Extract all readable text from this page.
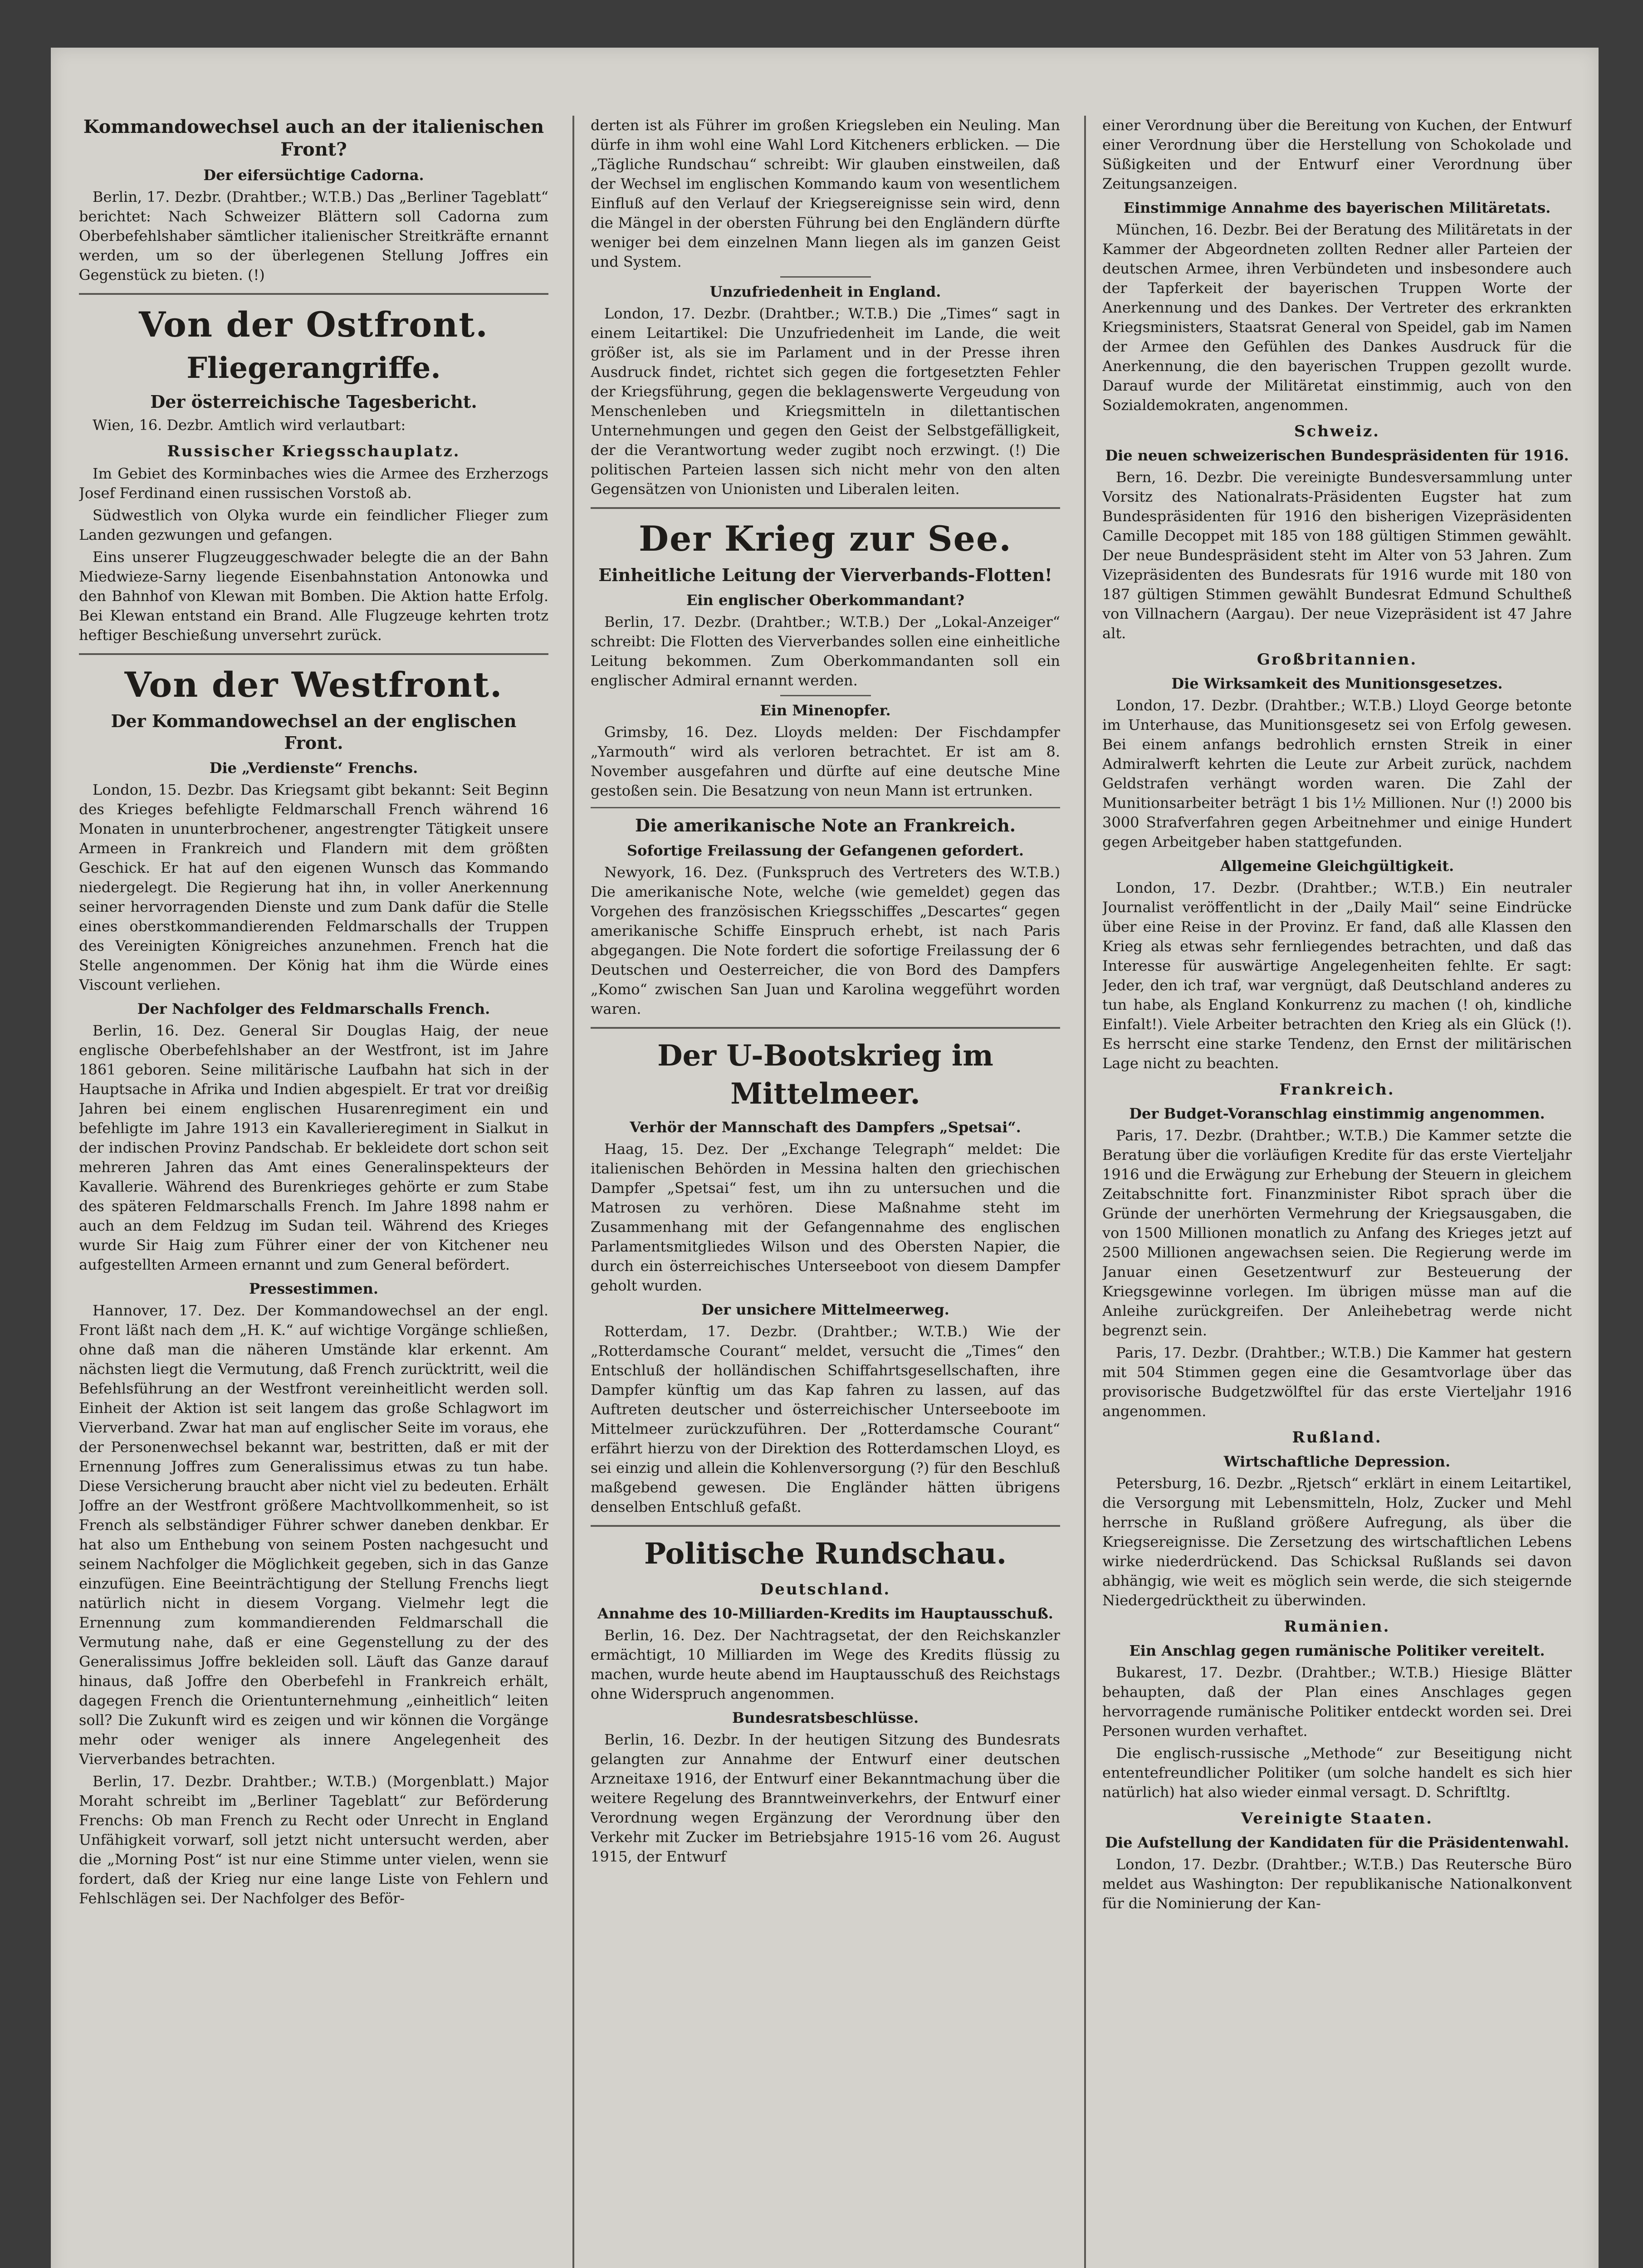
Kommandowechsel auch an der italienischen Front?
Der eifersüchtige Cadorna.

Berlin, 17. Dezbr. (Drahtber.; W.T.B.) Das „Berliner Tageblatt“ berichtet: Nach Schweizer Blättern soll Cadorna zum Oberbefehlshaber sämtlicher italienischer Streitkräfte ernannt werden, um so der überlegenen Stellung Joffres ein Gegenstück zu bieten. (!)

Von der Ostfront.
Fliegerangriffe.
Der österreichische Tagesbericht.

Wien, 16. Dezbr. Amtlich wird verlautbart:

Russischer Kriegsschauplatz.

Im Gebiet des Korminbaches wies die Armee des Erzherzogs Josef Ferdinand einen russischen Vorstoß ab.

Südwestlich von Olyka wurde ein feindlicher Flieger zum Landen gezwungen und gefangen.

Eins unserer Flugzeuggeschwader belegte die an der Bahn Miedwieze-Sarny liegende Eisenbahnstation Antonowka und den Bahnhof von Klewan mit Bomben. Die Aktion hatte Erfolg. Bei Klewan entstand ein Brand. Alle Flugzeuge kehrten trotz heftiger Beschießung unversehrt zurück.

Von der Westfront.
Der Kommandowechsel an der englischen Front.
Die „Verdienste“ Frenchs.

London, 15. Dezbr. Das Kriegsamt gibt bekannt: Seit Beginn des Krieges befehligte Feldmarschall French während 16 Monaten in ununterbrochener, angestrengter Tätigkeit unsere Armeen in Frankreich und Flandern mit dem größten Geschick. Er hat auf den eigenen Wunsch das Kommando niedergelegt. Die Regierung hat ihn, in voller Anerkennung seiner hervorragenden Dienste und zum Dank dafür die Stelle eines oberstkommandierenden Feldmarschalls der Truppen des Vereinigten Königreiches anzunehmen. French hat die Stelle angenommen. Der König hat ihm die Würde eines Viscount verliehen.

Der Nachfolger des Feldmarschalls French.

Berlin, 16. Dez. General Sir Douglas Haig, der neue englische Oberbefehlshaber an der Westfront, ist im Jahre 1861 geboren. Seine militärische Laufbahn hat sich in der Hauptsache in Afrika und Indien abgespielt. Er trat vor dreißig Jahren bei einem englischen Husarenregiment ein und befehligte im Jahre 1913 ein Kavallerieregiment in Sialkut in der indischen Provinz Pandschab. Er bekleidete dort schon seit mehreren Jahren das Amt eines Generalinspekteurs der Kavallerie. Während des Burenkrieges gehörte er zum Stabe des späteren Feldmarschalls French. Im Jahre 1898 nahm er auch an dem Feldzug im Sudan teil. Während des Krieges wurde Sir Haig zum Führer einer der von Kitchener neu aufgestellten Armeen ernannt und zum General befördert.

Pressestimmen.

Hannover, 17. Dez. Der Kommandowechsel an der engl. Front läßt nach dem „H. K.“ auf wichtige Vorgänge schließen, ohne daß man die näheren Umstände klar erkennt. Am nächsten liegt die Vermutung, daß French zurücktritt, weil die Befehlsführung an der Westfront vereinheitlicht werden soll. Einheit der Aktion ist seit langem das große Schlagwort im Vierverband. Zwar hat man auf englischer Seite im voraus, ehe der Personenwechsel bekannt war, bestritten, daß er mit der Ernennung Joffres zum Generalissimus etwas zu tun habe. Diese Versicherung braucht aber nicht viel zu bedeuten. Erhält Joffre an der Westfront größere Machtvollkommenheit, so ist French als selbständiger Führer schwer daneben denkbar. Er hat also um Enthebung von seinem Posten nachgesucht und seinem Nachfolger die Möglichkeit gegeben, sich in das Ganze einzufügen. Eine Beeinträchtigung der Stellung Frenchs liegt natürlich nicht in diesem Vorgang. Vielmehr legt die Ernennung zum kommandierenden Feldmarschall die Vermutung nahe, daß er eine Gegenstellung zu der des Generalissimus Joffre bekleiden soll. Läuft das Ganze darauf hinaus, daß Joffre den Oberbefehl in Frankreich erhält, dagegen French die Orientunternehmung „einheitlich“ leiten soll? Die Zukunft wird es zeigen und wir können die Vorgänge mehr oder weniger als innere Angelegenheit des Vierverbandes betrachten.

Berlin, 17. Dezbr. Drahtber.; W.T.B.) (Morgenblatt.) Major Moraht schreibt im „Berliner Tageblatt“ zur Beförderung Frenchs: Ob man French zu Recht oder Unrecht in England Unfähigkeit vorwarf, soll jetzt nicht untersucht werden, aber die „Morning Post“ ist nur eine Stimme unter vielen, wenn sie fordert, daß der Krieg nur eine lange Liste von Fehlern und Fehlschlägen sei. Der Nachfolger des Beför-

derten ist als Führer im großen Kriegsleben ein Neuling. Man dürfe in ihm wohl eine Wahl Lord Kitcheners erblicken. — Die „Tägliche Rundschau“ schreibt: Wir glauben einstweilen, daß der Wechsel im englischen Kommando kaum von wesentlichem Einfluß auf den Verlauf der Kriegsereignisse sein wird, denn die Mängel in der obersten Führung bei den Engländern dürfte weniger bei dem einzelnen Mann liegen als im ganzen Geist und System.

Unzufriedenheit in England.

London, 17. Dezbr. (Drahtber.; W.T.B.) Die „Times“ sagt in einem Leitartikel: Die Unzufriedenheit im Lande, die weit größer ist, als sie im Parlament und in der Presse ihren Ausdruck findet, richtet sich gegen die fortgesetzten Fehler der Kriegsführung, gegen die beklagenswerte Vergeudung von Menschenleben und Kriegsmitteln in dilettantischen Unternehmungen und gegen den Geist der Selbstgefälligkeit, der die Verantwortung weder zugibt noch erzwingt. (!) Die politischen Parteien lassen sich nicht mehr von den alten Gegensätzen von Unionisten und Liberalen leiten.

Der Krieg zur See.
Einheitliche Leitung der Vierverbands-Flotten!
Ein englischer Oberkommandant?

Berlin, 17. Dezbr. (Drahtber.; W.T.B.) Der „Lokal-Anzeiger“ schreibt: Die Flotten des Vierverbandes sollen eine einheitliche Leitung bekommen. Zum Oberkommandanten soll ein englischer Admiral ernannt werden.

Ein Minenopfer.

Grimsby, 16. Dez. Lloyds melden: Der Fischdampfer „Yarmouth“ wird als verloren betrachtet. Er ist am 8. November ausgefahren und dürfte auf eine deutsche Mine gestoßen sein. Die Besatzung von neun Mann ist ertrunken.

Die amerikanische Note an Frankreich.
Sofortige Freilassung der Gefangenen gefordert.

Newyork, 16. Dez. (Funkspruch des Vertreters des W.T.B.) Die amerikanische Note, welche (wie gemeldet) gegen das Vorgehen des französischen Kriegsschiffes „Descartes“ gegen amerikanische Schiffe Einspruch erhebt, ist nach Paris abgegangen. Die Note fordert die sofortige Freilassung der 6 Deutschen und Oesterreicher, die von Bord des Dampfers „Komo“ zwischen San Juan und Karolina weggeführt worden waren.

Der U-Bootskrieg im Mittelmeer.
Verhör der Mannschaft des Dampfers „Spetsai“.

Haag, 15. Dez. Der „Exchange Telegraph“ meldet: Die italienischen Behörden in Messina halten den griechischen Dampfer „Spetsai“ fest, um ihn zu untersuchen und die Matrosen zu verhören. Diese Maßnahme steht im Zusammenhang mit der Gefangennahme des englischen Parlamentsmitgliedes Wilson und des Obersten Napier, die durch ein österreichisches Unterseeboot von diesem Dampfer geholt wurden.

Der unsichere Mittelmeerweg.

Rotterdam, 17. Dezbr. (Drahtber.; W.T.B.) Wie der „Rotterdamsche Courant“ meldet, versucht die „Times“ den Entschluß der holländischen Schiffahrtsgesellschaften, ihre Dampfer künftig um das Kap fahren zu lassen, auf das Auftreten deutscher und österreichischer Unterseeboote im Mittelmeer zurückzuführen. Der „Rotterdamsche Courant“ erfährt hierzu von der Direktion des Rotterdamschen Lloyd, es sei einzig und allein die Kohlenversorgung (?) für den Beschluß maßgebend gewesen. Die Engländer hätten übrigens denselben Entschluß gefaßt.

Politische Rundschau.
Deutschland.
Annahme des 10-Milliarden-Kredits im Hauptausschuß.

Berlin, 16. Dez. Der Nachtragsetat, der den Reichskanzler ermächtigt, 10 Milliarden im Wege des Kredits flüssig zu machen, wurde heute abend im Hauptausschuß des Reichstags ohne Widerspruch angenommen.

Bundesratsbeschlüsse.

Berlin, 16. Dezbr. In der heutigen Sitzung des Bundesrats gelangten zur Annahme der Entwurf einer deutschen Arzneitaxe 1916, der Entwurf einer Bekanntmachung über die weitere Regelung des Branntweinverkehrs, der Entwurf einer Verordnung wegen Ergänzung der Verordnung über den Verkehr mit Zucker im Betriebsjahre 1915-16 vom 26. August 1915, der Entwurf

einer Verordnung über die Bereitung von Kuchen, der Entwurf einer Verordnung über die Herstellung von Schokolade und Süßigkeiten und der Entwurf einer Verordnung über Zeitungsanzeigen.

Einstimmige Annahme des bayerischen Militäretats.

München, 16. Dezbr. Bei der Beratung des Militäretats in der Kammer der Abgeordneten zollten Redner aller Parteien der deutschen Armee, ihren Verbündeten und insbesondere auch der Tapferkeit der bayerischen Truppen Worte der Anerkennung und des Dankes. Der Vertreter des erkrankten Kriegsministers, Staatsrat General von Speidel, gab im Namen der Armee den Gefühlen des Dankes Ausdruck für die Anerkennung, die den bayerischen Truppen gezollt wurde. Darauf wurde der Militäretat einstimmig, auch von den Sozialdemokraten, angenommen.

Schweiz.
Die neuen schweizerischen Bundespräsidenten für 1916.

Bern, 16. Dezbr. Die vereinigte Bundesversammlung unter Vorsitz des Nationalrats-Präsidenten Eugster hat zum Bundespräsidenten für 1916 den bisherigen Vizepräsidenten Camille Decoppet mit 185 von 188 gültigen Stimmen gewählt. Der neue Bundespräsident steht im Alter von 53 Jahren. Zum Vizepräsidenten des Bundesrats für 1916 wurde mit 180 von 187 gültigen Stimmen gewählt Bundesrat Edmund Schultheß von Villnachern (Aargau). Der neue Vizepräsident ist 47 Jahre alt.

Großbritannien.
Die Wirksamkeit des Munitionsgesetzes.

London, 17. Dezbr. (Drahtber.; W.T.B.) Lloyd George betonte im Unterhause, das Munitionsgesetz sei von Erfolg gewesen. Bei einem anfangs bedrohlich ernsten Streik in einer Admiralwerft kehrten die Leute zur Arbeit zurück, nachdem Geldstrafen verhängt worden waren. Die Zahl der Munitionsarbeiter beträgt 1 bis 1½ Millionen. Nur (!) 2000 bis 3000 Strafverfahren gegen Arbeitnehmer und einige Hundert gegen Arbeitgeber haben stattgefunden.

Allgemeine Gleichgültigkeit.

London, 17. Dezbr. (Drahtber.; W.T.B.) Ein neutraler Journalist veröffentlicht in der „Daily Mail“ seine Eindrücke über eine Reise in der Provinz. Er fand, daß alle Klassen den Krieg als etwas sehr fernliegendes betrachten, und daß das Interesse für auswärtige Angelegenheiten fehlte. Er sagt: Jeder, den ich traf, war vergnügt, daß Deutschland anderes zu tun habe, als England Konkurrenz zu machen (! oh, kindliche Einfalt!). Viele Arbeiter betrachten den Krieg als ein Glück (!). Es herrscht eine starke Tendenz, den Ernst der militärischen Lage nicht zu beachten.

Frankreich.
Der Budget-Voranschlag einstimmig angenommen.

Paris, 17. Dezbr. (Drahtber.; W.T.B.) Die Kammer setzte die Beratung über die vorläufigen Kredite für das erste Vierteljahr 1916 und die Erwägung zur Erhebung der Steuern in gleichem Zeitabschnitte fort. Finanzminister Ribot sprach über die Gründe der unerhörten Vermehrung der Kriegsausgaben, die von 1500 Millionen monatlich zu Anfang des Krieges jetzt auf 2500 Millionen angewachsen seien. Die Regierung werde im Januar einen Gesetzentwurf zur Besteuerung der Kriegsgewinne vorlegen. Im übrigen müsse man auf die Anleihe zurückgreifen. Der Anleihebetrag werde nicht begrenzt sein.

Paris, 17. Dezbr. (Drahtber.; W.T.B.) Die Kammer hat gestern mit 504 Stimmen gegen eine die Gesamtvorlage über das provisorische Budgetzwölftel für das erste Vierteljahr 1916 angenommen.

Rußland.
Wirtschaftliche Depression.

Petersburg, 16. Dezbr. „Rjetsch“ erklärt in einem Leitartikel, die Versorgung mit Lebensmitteln, Holz, Zucker und Mehl herrsche in Rußland größere Aufregung, als über die Kriegsereignisse. Die Zersetzung des wirtschaftlichen Lebens wirke niederdrückend. Das Schicksal Rußlands sei davon abhängig, wie weit es möglich sein werde, die sich steigernde Niedergedrücktheit zu überwinden.

Rumänien.
Ein Anschlag gegen rumänische Politiker vereitelt.

Bukarest, 17. Dezbr. (Drahtber.; W.T.B.) Hiesige Blätter behaupten, daß der Plan eines Anschlages gegen hervorragende rumänische Politiker entdeckt worden sei. Drei Personen wurden verhaftet.

Die englisch-russische „Methode“ zur Beseitigung nicht ententefreundlicher Politiker (um solche handelt es sich hier natürlich) hat also wieder einmal versagt. D. Schriftltg.

Vereinigte Staaten.
Die Aufstellung der Kandidaten für die Präsidentenwahl.

London, 17. Dezbr. (Drahtber.; W.T.B.) Das Reutersche Büro meldet aus Washington: Der republikanische Nationalkonvent für die Nominierung der Kan-
